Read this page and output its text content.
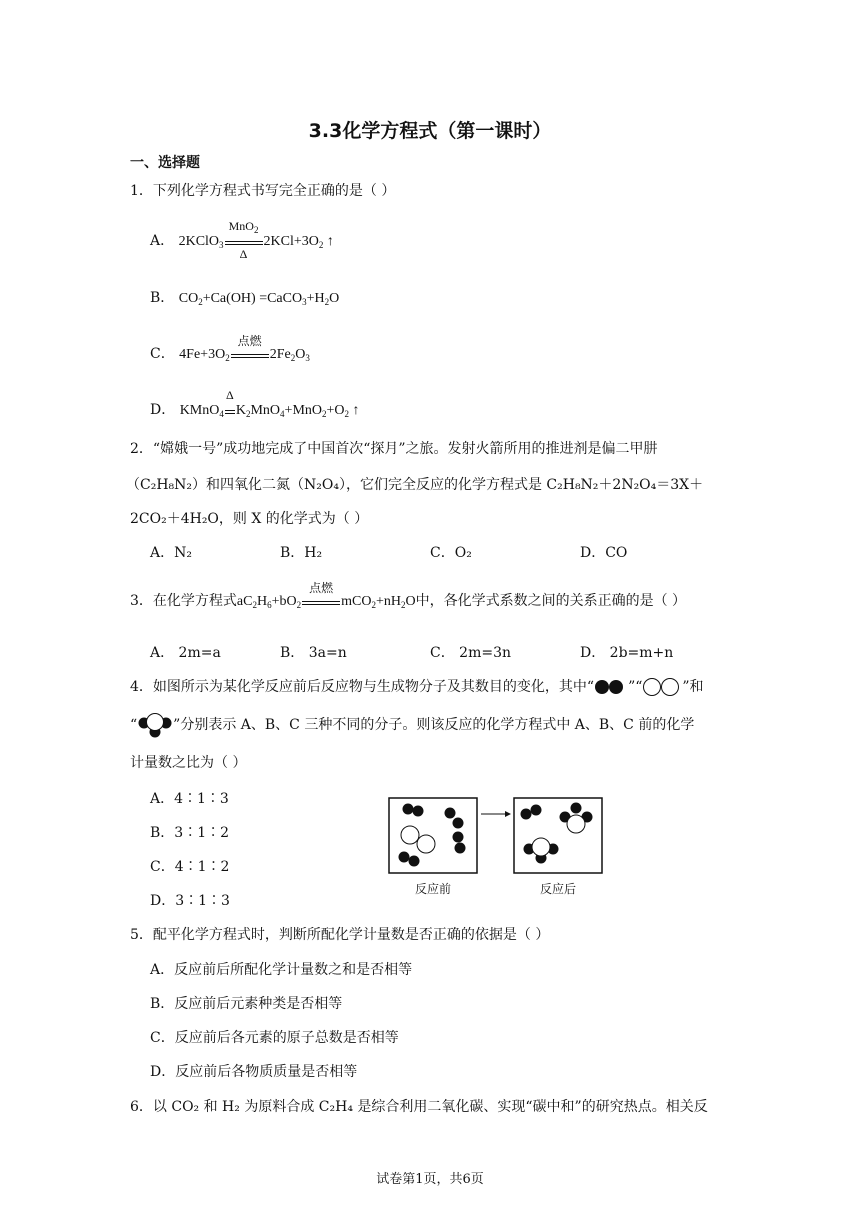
3.3化学方程式（第一课时）
一、选择题
1．下列化学方程式书写完全正确的是（ ）
A． 2KClO$_3$
MnO$_2$
Δ
$2KCl+3O_2$ ↑
B． $CO_2+Ca(OH)$ $=CaCO_3+H_2O$
C． $4Fe+3O_2$
点燃
$2Fe_2O_3$
D． KMnO$_4$
Δ
$K_2MnO_4+MnO_2+O_2$ ↑
2．“嫦娥一号”成功地完成了中国首次“探月”之旅。发射火箭所用的推进剂是偏二甲肼
（C₂H₈N₂）和四氧化二氮（N₂O₄），它们完全反应的化学方程式是 C₂H₈N₂＋2N₂O₄＝3X＋
2CO₂＋4H₂O，则 X 的化学式为（ ）
A．N₂	B．H₂	C．O₂	D．CO
3．在化学方程式$aC_2H_6+bO_2$
点燃
$mCO_2+nH_2O$中，各化学式系数之间的关系正确的是（ ）
A． 2m=a	B． 3a=n	C． 2m=3n	D． 2b=m+n
4．如图所示为某化学反应前后反应物与生成物分子及其数目的变化，其中“ ”“	”和
“	”分别表示 A、B、C 三种不同的分子。则该反应的化学方程式中 A、B、C 前的化学
计量数之比为（ ）
A．4∶1∶3
B．3∶1∶2
C．4∶1∶2
D．3∶1∶3
反应前	反应后
5．配平化学方程式时，判断所配化学计量数是否正确的依据是（ ）
A．反应前后所配化学计量数之和是否相等
B．反应前后元素种类是否相等
C．反应前后各元素的原子总数是否相等
D．反应前后各物质质量是否相等
6．以 CO₂ 和 H₂ 为原料合成 C₂H₄ 是综合利用二氧化碳、实现“碳中和”的研究热点。相关反
试卷第1页，共6页
